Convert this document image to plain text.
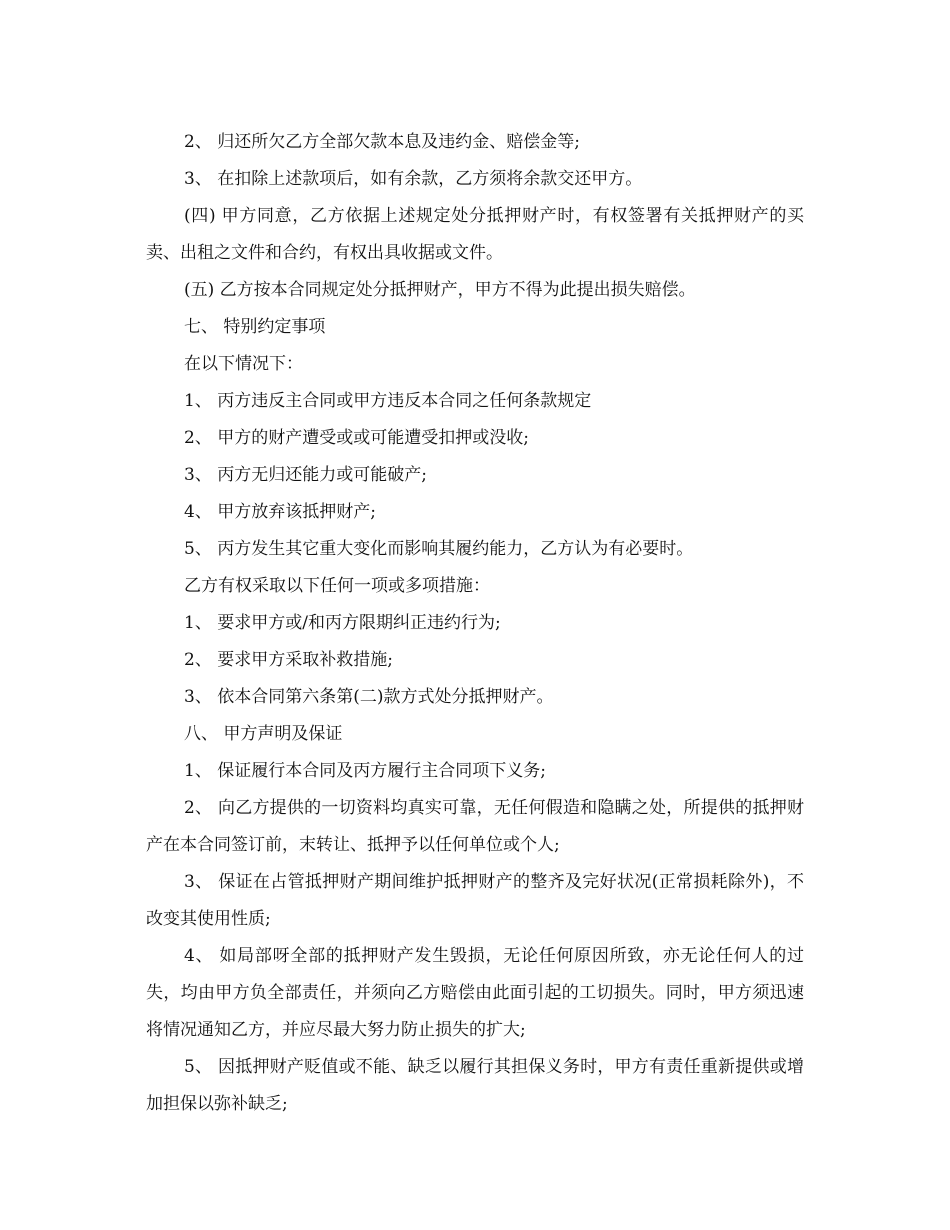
2、 归还所欠乙方全部欠款本息及违约金、赔偿金等;

3、 在扣除上述款项后，如有余款，乙方须将余款交还甲方。

(四) 甲方同意，乙方依据上述规定处分抵押财产时，有权签署有关抵押财产的买卖、出租之文件和合约，有权出具收据或文件。

(五) 乙方按本合同规定处分抵押财产，甲方不得为此提出损失赔偿。

七、 特别约定事项

在以下情况下：

1、 丙方违反主合同或甲方违反本合同之任何条款规定

2、 甲方的财产遭受或或可能遭受扣押或没收;

3、 丙方无归还能力或可能破产;

4、 甲方放弃该抵押财产;

5、 丙方发生其它重大变化而影响其履约能力，乙方认为有必要时。

乙方有权采取以下任何一项或多项措施：

1、 要求甲方或/和丙方限期纠正违约行为;

2、 要求甲方采取补救措施;

3、 依本合同第六条第(二)款方式处分抵押财产。

八、 甲方声明及保证

1、 保证履行本合同及丙方履行主合同项下义务;

2、 向乙方提供的一切资料均真实可靠，无任何假造和隐瞒之处，所提供的抵押财产在本合同签订前，末转让、抵押予以任何单位或个人;

3、 保证在占管抵押财产期间维护抵押财产的整齐及完好状况(正常损耗除外)，不改变其使用性质;

4、 如局部呀全部的抵押财产发生毁损，无论任何原因所致，亦无论任何人的过失，均由甲方负全部责任，并须向乙方赔偿由此面引起的工切损失。同时，甲方须迅速将情况通知乙方，并应尽最大努力防止损失的扩大;

5、 因抵押财产贬值或不能、缺乏以履行其担保义务时，甲方有责任重新提供或增加担保以弥补缺乏;
